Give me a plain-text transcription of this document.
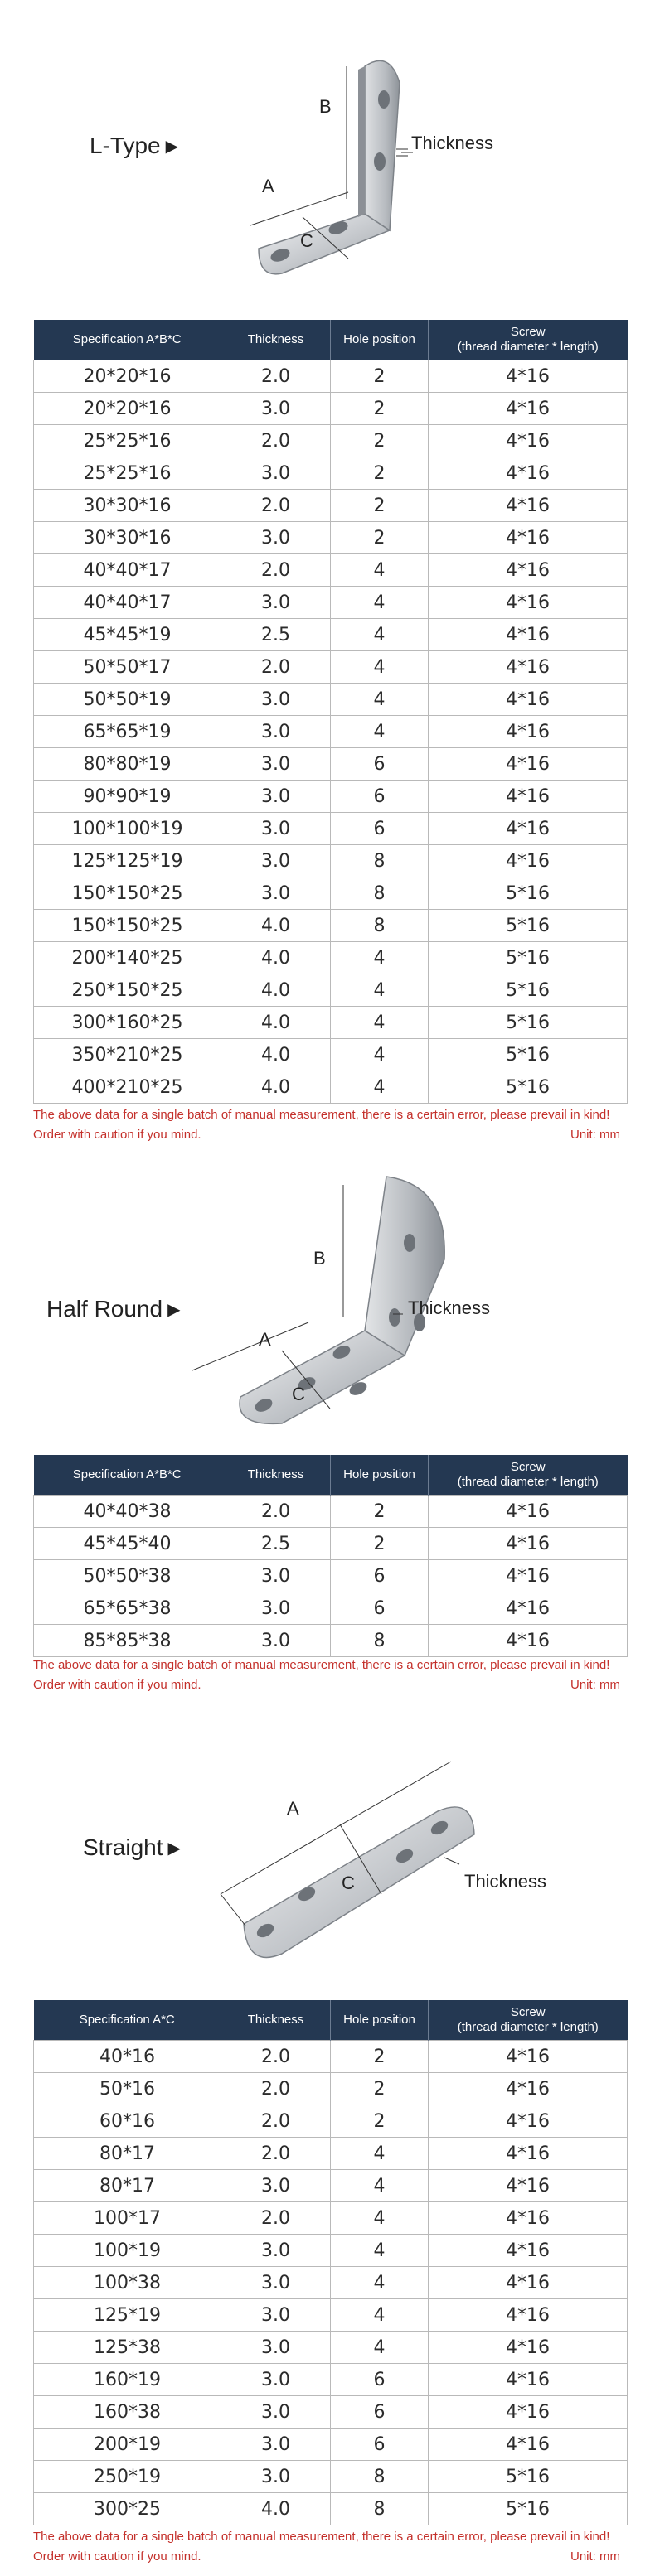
L-Type ▶
A
B
C
Thickness
Specification A*B*C	Thickness	Hole position	Screw
(thread diameter * length)
20*20*16	2.0	2	4*16
20*20*16	3.0	2	4*16
25*25*16	2.0	2	4*16
25*25*16	3.0	2	4*16
30*30*16	2.0	2	4*16
30*30*16	3.0	2	4*16
40*40*17	2.0	4	4*16
40*40*17	3.0	4	4*16
45*45*19	2.5	4	4*16
50*50*17	2.0	4	4*16
50*50*19	3.0	4	4*16
65*65*19	3.0	4	4*16
80*80*19	3.0	6	4*16
90*90*19	3.0	6	4*16
100*100*19	3.0	6	4*16
125*125*19	3.0	8	4*16
150*150*25	3.0	8	5*16
150*150*25	4.0	8	5*16
200*140*25	4.0	4	5*16
250*150*25	4.0	4	5*16
300*160*25	4.0	4	5*16
350*210*25	4.0	4	5*16
400*210*25	4.0	4	5*16
The above data for a single batch of manual measurement, there is a certain error, please prevail in kind! Order with caution if you mind.	Unit: mm
Half Round ▶
A
B
C
Thickness
Specification A*B*C	Thickness	Hole position	Screw
(thread diameter * length)
40*40*38	2.0	2	4*16
45*45*40	2.5	2	4*16
50*50*38	3.0	6	4*16
65*65*38	3.0	6	4*16
85*85*38	3.0	8	4*16
The above data for a single batch of manual measurement, there is a certain error, please prevail in kind! Order with caution if you mind.	Unit: mm
Straight ▶
A
C	Thickness
Specification A*C	Thickness	Hole position	Screw
(thread diameter * length)
40*16	2.0	2	4*16
50*16	2.0	2	4*16
60*16	2.0	2	4*16
80*17	2.0	4	4*16
80*17	3.0	4	4*16
100*17	2.0	4	4*16
100*19	3.0	4	4*16
100*38	3.0	4	4*16
125*19	3.0	4	4*16
125*38	3.0	4	4*16
160*19	3.0	6	4*16
160*38	3.0	6	4*16
200*19	3.0	6	4*16
250*19	3.0	8	5*16
300*25	4.0	8	5*16
The above data for a single batch of manual measurement, there is a certain error, please prevail in kind! Order with caution if you mind.	Unit: mm
